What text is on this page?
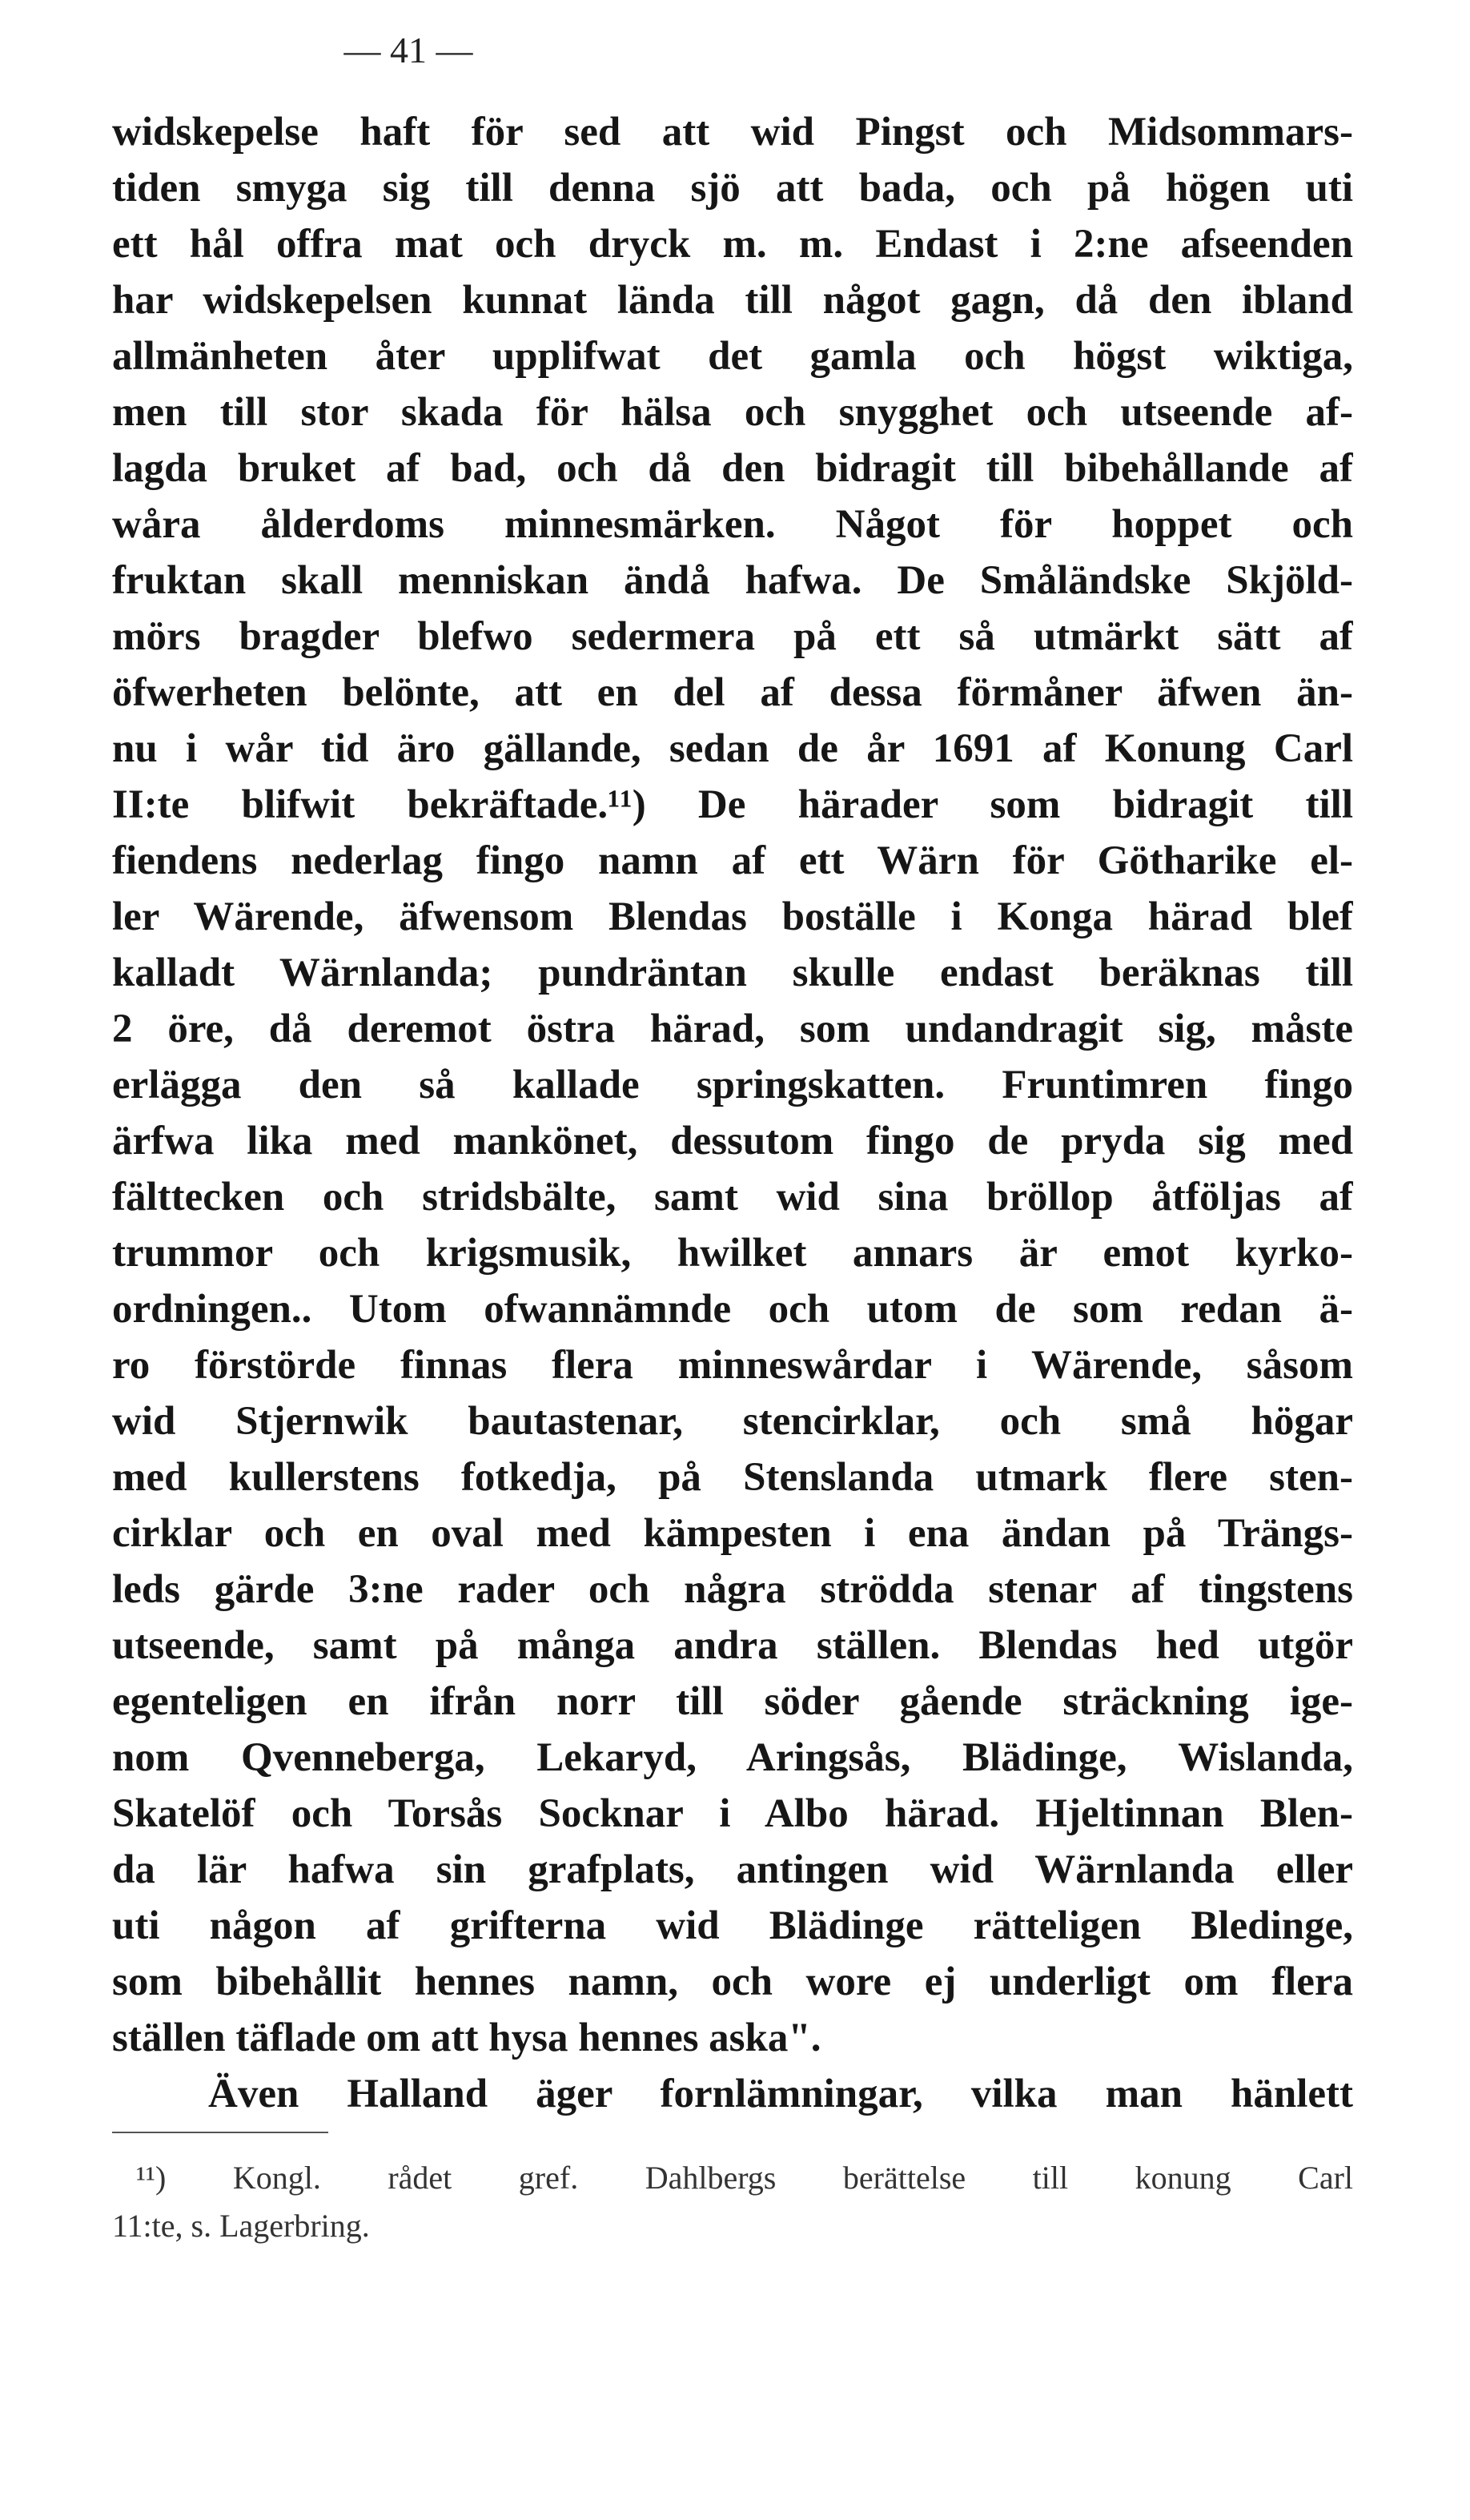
— 41 —
widskepelse haft för sed att wid Pingst och Midsommars-
tiden smyga sig till denna sjö att bada, och på högen uti
ett hål offra mat och dryck m. m. Endast i 2:ne afseenden
har widskepelsen kunnat lända till något gagn, då den ibland
allmänheten åter upplifwat det gamla och högst wiktiga,
men till stor skada för hälsa och snygghet och utseende af-
lagda bruket af bad, och då den bidragit till bibehållande af
wåra ålderdoms minnesmärken. Något för hoppet och
fruktan skall menniskan ändå hafwa. De Småländske Skjöld-
mörs bragder blefwo sedermera på ett så utmärkt sätt af
öfwerheten belönte, att en del af dessa förmåner äfwen än-
nu i wår tid äro gällande, sedan de år 1691 af Konung Carl
II:te blifwit bekräftade.¹¹) De härader som bidragit till
fiendens nederlag fingo namn af ett Wärn för Götharike el-
ler Wärende, äfwensom Blendas boställe i Konga härad blef
kalladt Wärnlanda; pundräntan skulle endast beräknas till
2 öre, då deremot östra härad, som undandragit sig, måste
erlägga den så kallade springskatten. Fruntimren fingo
ärfwa lika med mankönet, dessutom fingo de pryda sig med
fälttecken och stridsbälte, samt wid sina bröllop åtföljas af
trummor och krigsmusik, hwilket annars är emot kyrko-
ordningen.. Utom ofwannämnde och utom de som redan ä-
ro förstörde finnas flera minneswårdar i Wärende, såsom
wid Stjernwik bautastenar, stencirklar, och små högar
med kullerstens fotkedja, på Stenslanda utmark flere sten-
cirklar och en oval med kämpesten i ena ändan på Trängs-
leds gärde 3:ne rader och några strödda stenar af tingstens
utseende, samt på många andra ställen. Blendas hed utgör
egenteligen en ifrån norr till söder gående sträckning ige-
nom Qvenneberga, Lekaryd, Aringsås, Blädinge, Wislanda,
Skatelöf och Torsås Socknar i Albo härad. Hjeltinnan Blen-
da lär hafwa sin grafplats, antingen wid Wärnlanda eller
uti någon af grifterna wid Blädinge rätteligen Bledinge,
som bibehållit hennes namn, och wore ej underligt om flera
ställen täflade om att hysa hennes aska".
Även Halland äger fornlämningar, vilka man hänlett
¹¹) Kongl. rådet gref. Dahlbergs berättelse till konung Carl
11:te, s. Lagerbring.
